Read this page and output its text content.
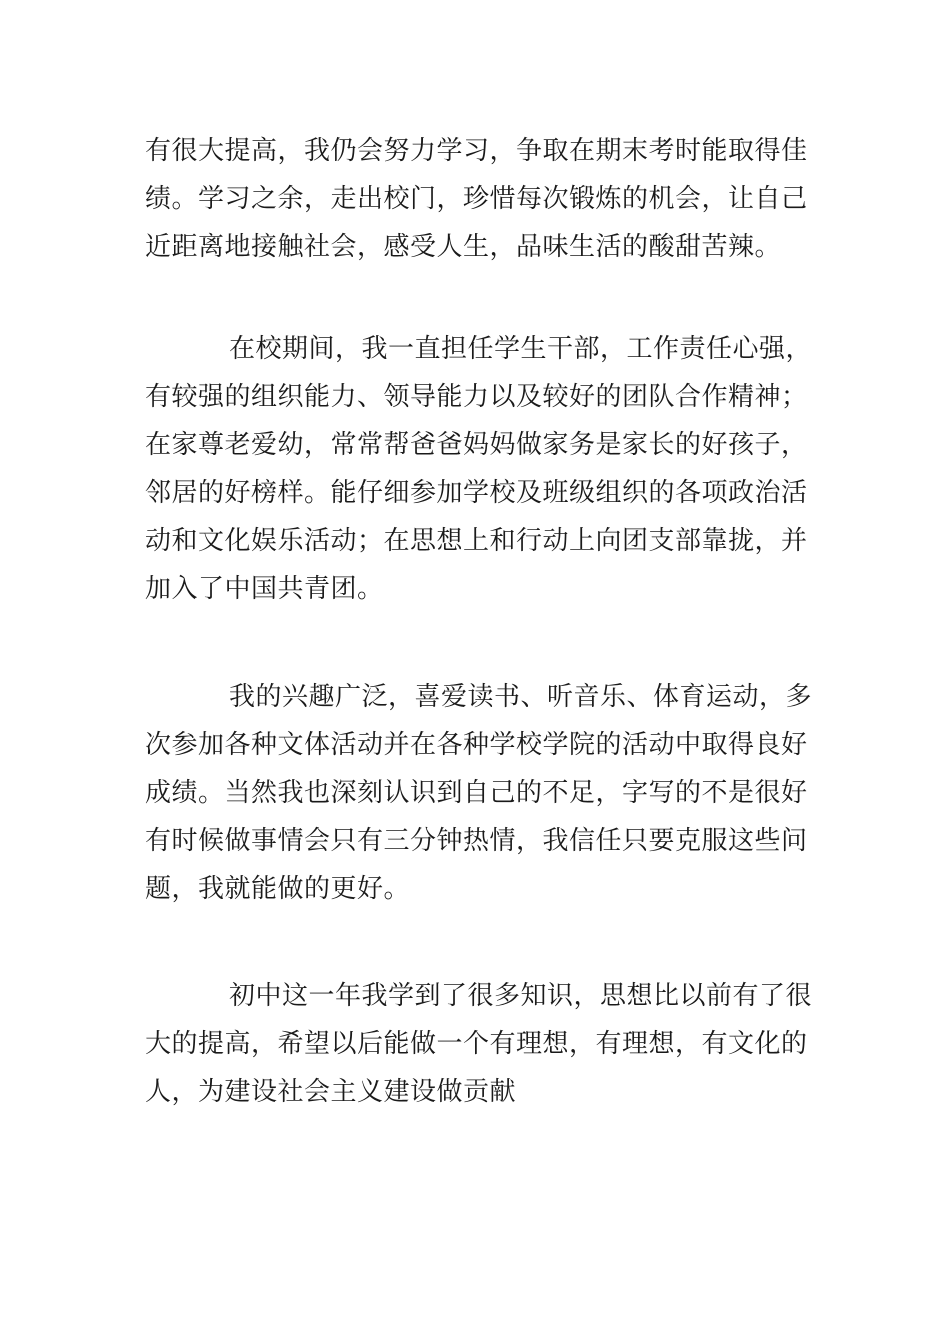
有很大提高，我仍会努力学习，争取在期末考时能取得佳
绩。学习之余，走出校门，珍惜每次锻炼的机会，让自己
近距离地接触社会，感受人生，品味生活的酸甜苦辣。

在校期间，我一直担任学生干部，工作责任心强，
有较强的组织能力、领导能力以及较好的团队合作精神；
在家尊老爱幼，常常帮爸爸妈妈做家务是家长的好孩子，
邻居的好榜样。能仔细参加学校及班级组织的各项政治活
动和文化娱乐活动；在思想上和行动上向团支部靠拢，并
加入了中国共青团。

我的兴趣广泛，喜爱读书、听音乐、体育运动，多
次参加各种文体活动并在各种学校学院的活动中取得良好
成绩。当然我也深刻认识到自己的不足，字写的不是很好
有时候做事情会只有三分钟热情，我信任只要克服这些问
题，我就能做的更好。

初中这一年我学到了很多知识，思想比以前有了很
大的提高，希望以后能做一个有理想，有理想，有文化的
人，为建设社会主义建设做贡献
